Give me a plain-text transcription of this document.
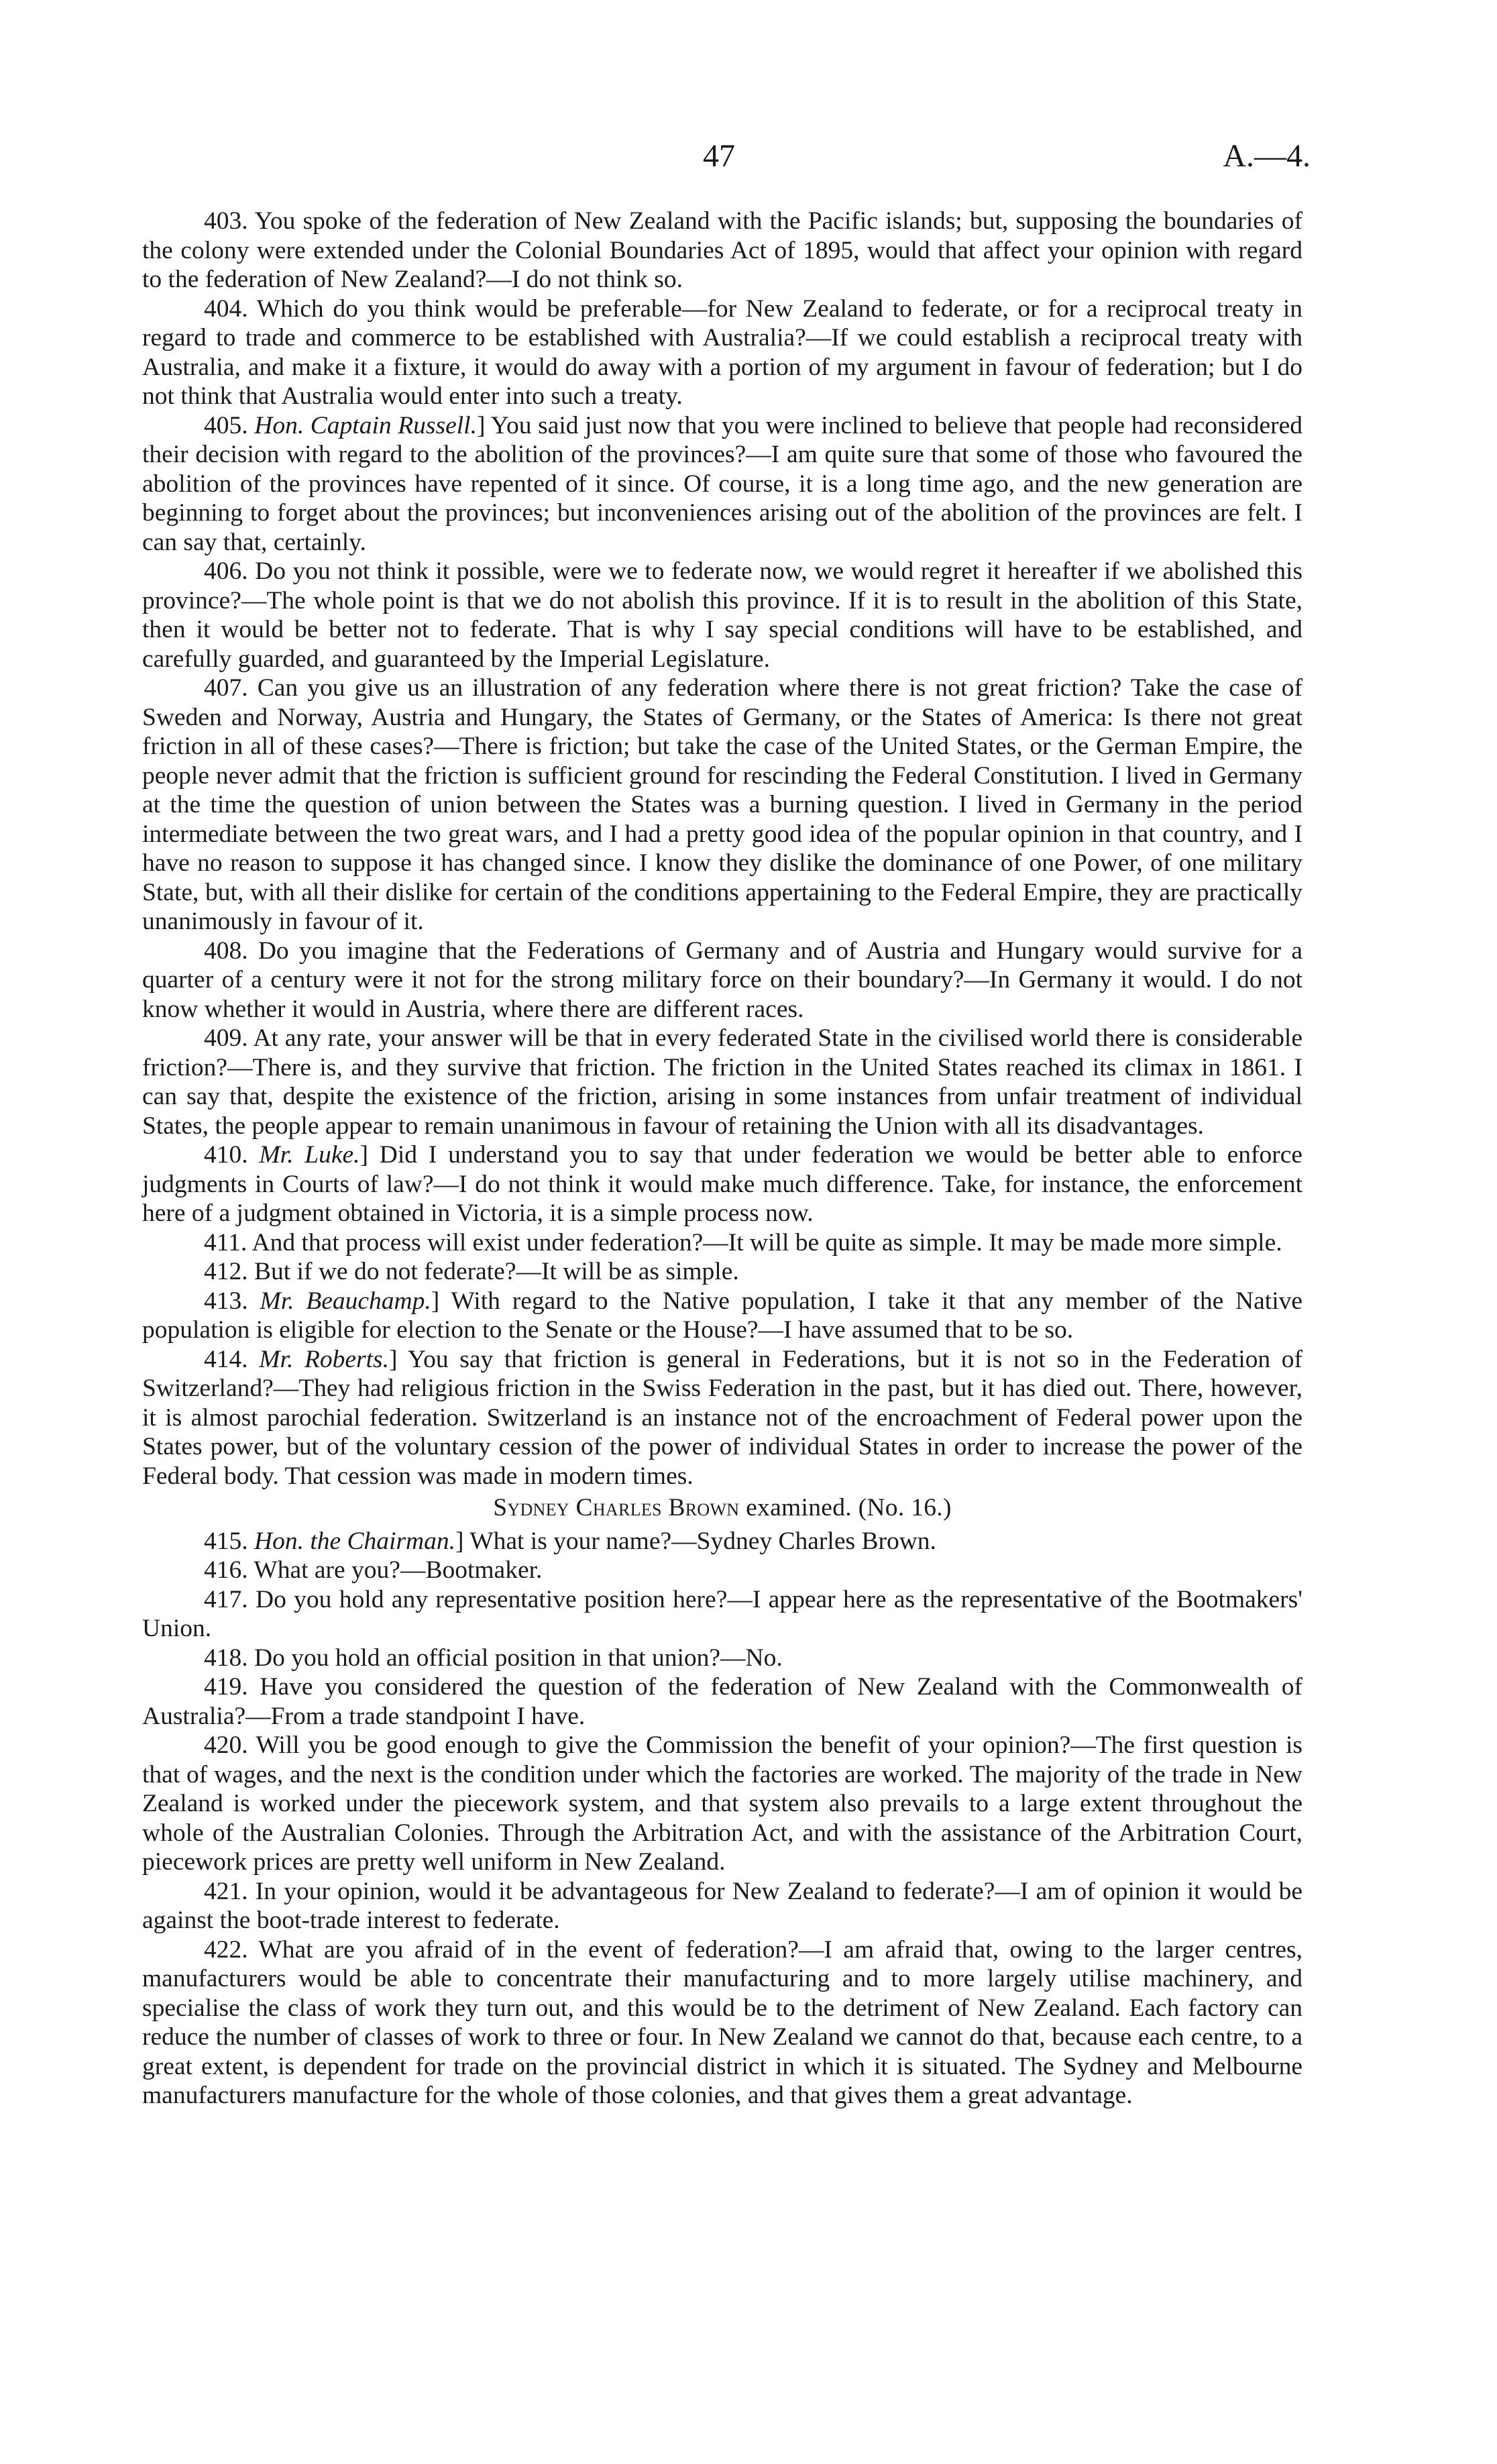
47	A.—4.

403. You spoke of the federation of New Zealand with the Pacific islands; but, supposing the boundaries of the colony were extended under the Colonial Boundaries Act of 1895, would that affect your opinion with regard to the federation of New Zealand?—I do not think so.

404. Which do you think would be preferable—for New Zealand to federate, or for a reciprocal treaty in regard to trade and commerce to be established with Australia?—If we could establish a reciprocal treaty with Australia, and make it a fixture, it would do away with a portion of my argument in favour of federation; but I do not think that Australia would enter into such a treaty.

405. Hon. Captain Russell.] You said just now that you were inclined to believe that people had reconsidered their decision with regard to the abolition of the provinces?—I am quite sure that some of those who favoured the abolition of the provinces have repented of it since. Of course, it is a long time ago, and the new generation are beginning to forget about the provinces; but inconveniences arising out of the abolition of the provinces are felt. I can say that, certainly.

406. Do you not think it possible, were we to federate now, we would regret it hereafter if we abolished this province?—The whole point is that we do not abolish this province. If it is to result in the abolition of this State, then it would be better not to federate. That is why I say special conditions will have to be established, and carefully guarded, and guaranteed by the Imperial Legislature.

407. Can you give us an illustration of any federation where there is not great friction? Take the case of Sweden and Norway, Austria and Hungary, the States of Germany, or the States of America: Is there not great friction in all of these cases?—There is friction; but take the case of the United States, or the German Empire, the people never admit that the friction is sufficient ground for rescinding the Federal Constitution. I lived in Germany at the time the question of union between the States was a burning question. I lived in Germany in the period intermediate between the two great wars, and I had a pretty good idea of the popular opinion in that country, and I have no reason to suppose it has changed since. I know they dislike the dominance of one Power, of one military State, but, with all their dislike for certain of the conditions appertaining to the Federal Empire, they are practically unanimously in favour of it.

408. Do you imagine that the Federations of Germany and of Austria and Hungary would survive for a quarter of a century were it not for the strong military force on their boundary?—In Germany it would. I do not know whether it would in Austria, where there are different races.

409. At any rate, your answer will be that in every federated State in the civilised world there is considerable friction?—There is, and they survive that friction. The friction in the United States reached its climax in 1861. I can say that, despite the existence of the friction, arising in some instances from unfair treatment of individual States, the people appear to remain unanimous in favour of retaining the Union with all its disadvantages.

410. Mr. Luke.] Did I understand you to say that under federation we would be better able to enforce judgments in Courts of law?—I do not think it would make much difference. Take, for instance, the enforcement here of a judgment obtained in Victoria, it is a simple process now.

411. And that process will exist under federation?—It will be quite as simple. It may be made more simple.

412. But if we do not federate?—It will be as simple.

413. Mr. Beauchamp.] With regard to the Native population, I take it that any member of the Native population is eligible for election to the Senate or the House?—I have assumed that to be so.

414. Mr. Roberts.] You say that friction is general in Federations, but it is not so in the Federation of Switzerland?—They had religious friction in the Swiss Federation in the past, but it has died out. There, however, it is almost parochial federation. Switzerland is an instance not of the encroachment of Federal power upon the States power, but of the voluntary cession of the power of individual States in order to increase the power of the Federal body. That cession was made in modern times.

Sydney Charles Brown examined. (No. 16.)

415. Hon. the Chairman.] What is your name?—Sydney Charles Brown.

416. What are you?—Bootmaker.

417. Do you hold any representative position here?—I appear here as the representative of the Bootmakers' Union.

418. Do you hold an official position in that union?—No.

419. Have you considered the question of the federation of New Zealand with the Commonwealth of Australia?—From a trade standpoint I have.

420. Will you be good enough to give the Commission the benefit of your opinion?—The first question is that of wages, and the next is the condition under which the factories are worked. The majority of the trade in New Zealand is worked under the piecework system, and that system also prevails to a large extent throughout the whole of the Australian Colonies. Through the Arbitration Act, and with the assistance of the Arbitration Court, piecework prices are pretty well uniform in New Zealand.

421. In your opinion, would it be advantageous for New Zealand to federate?—I am of opinion it would be against the boot-trade interest to federate.

422. What are you afraid of in the event of federation?—I am afraid that, owing to the larger centres, manufacturers would be able to concentrate their manufacturing and to more largely utilise machinery, and specialise the class of work they turn out, and this would be to the detriment of New Zealand. Each factory can reduce the number of classes of work to three or four. In New Zealand we cannot do that, because each centre, to a great extent, is dependent for trade on the provincial district in which it is situated. The Sydney and Melbourne manufacturers manufacture for the whole of those colonies, and that gives them a great advantage.
